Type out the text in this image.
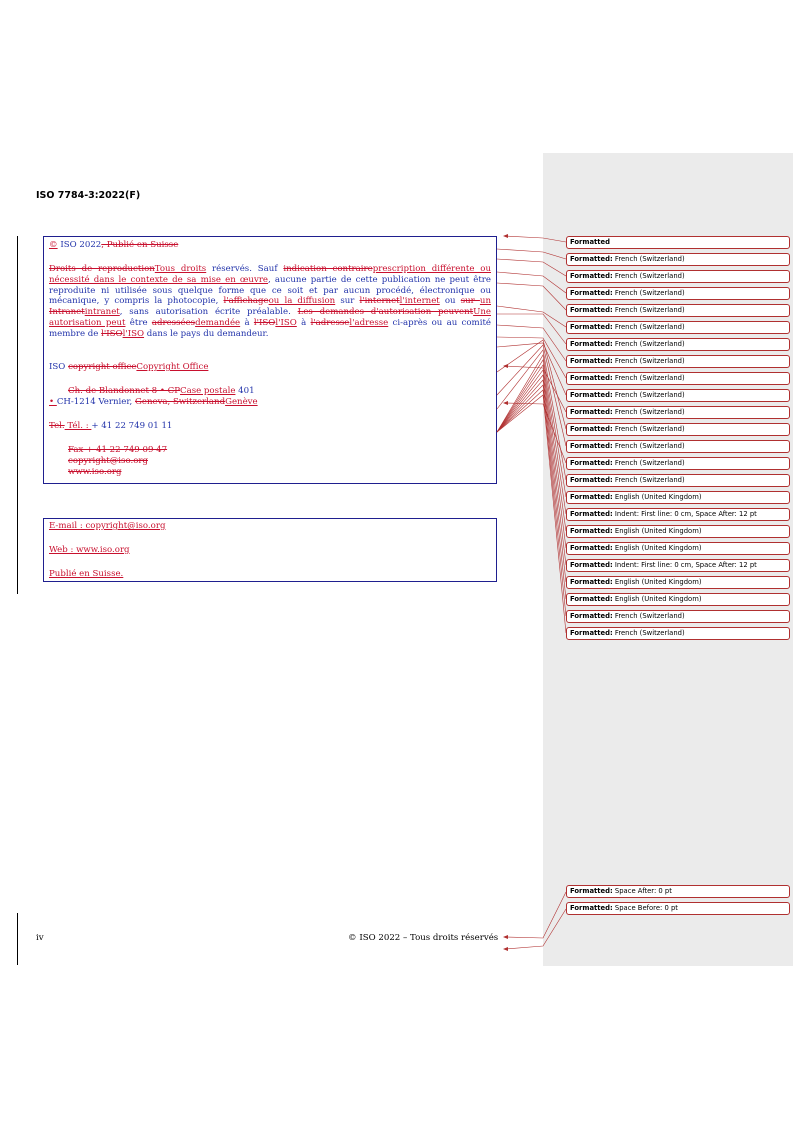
ISO 7784-3:2022(F)

© ISO 2022, Publié en Suisse

Droits de reproductionTous droits réservés. Sauf indication contraireprescription différente ou nécessité dans le contexte de sa mise en œuvre, aucune partie de cette publication ne peut être reproduite ni utilisée sous quelque forme que ce soit et par aucun procédé, électronique ou mécanique, y compris la photocopie, l'affichageou la diffusion sur l'internetl'internet ou sur un Intranetintranet, sans autorisation écrite préalable. Les demandes d'autorisation peuventUne autorisation peut être adresséesdemandée à l'ISOl'ISO à l'adressel'adresse ci-après ou au comité membre de l'ISOl'ISO dans le pays du demandeur.

ISO copyright officeCopyright Office

Ch. de Blandonnet 8 • CPCase postale 401

• CH-1214 Vernier, Geneva, SwitzerlandGenève

Tel. Tél. : + 41 22 749 01 11

Fax + 41 22 749 09 47

copyright@iso.org

www.iso.org

E-mail : copyright@iso.org

Web : www.iso.org

Publié en Suisse.

Formatted
Formatted: French (Switzerland)
Formatted: French (Switzerland)
Formatted: French (Switzerland)
Formatted: French (Switzerland)
Formatted: French (Switzerland)
Formatted: French (Switzerland)
Formatted: French (Switzerland)
Formatted: French (Switzerland)
Formatted: French (Switzerland)
Formatted: French (Switzerland)
Formatted: French (Switzerland)
Formatted: French (Switzerland)
Formatted: French (Switzerland)
Formatted: French (Switzerland)
Formatted: English (United Kingdom)
Formatted: Indent: First line: 0 cm, Space After: 12 pt
Formatted: English (United Kingdom)
Formatted: English (United Kingdom)
Formatted: Indent: First line: 0 cm, Space After: 12 pt
Formatted: English (United Kingdom)
Formatted: English (United Kingdom)
Formatted: French (Switzerland)
Formatted: French (Switzerland)
Formatted: Space After: 0 pt
Formatted: Space Before: 0 pt
iv	© ISO 2022 – Tous droits réservés
